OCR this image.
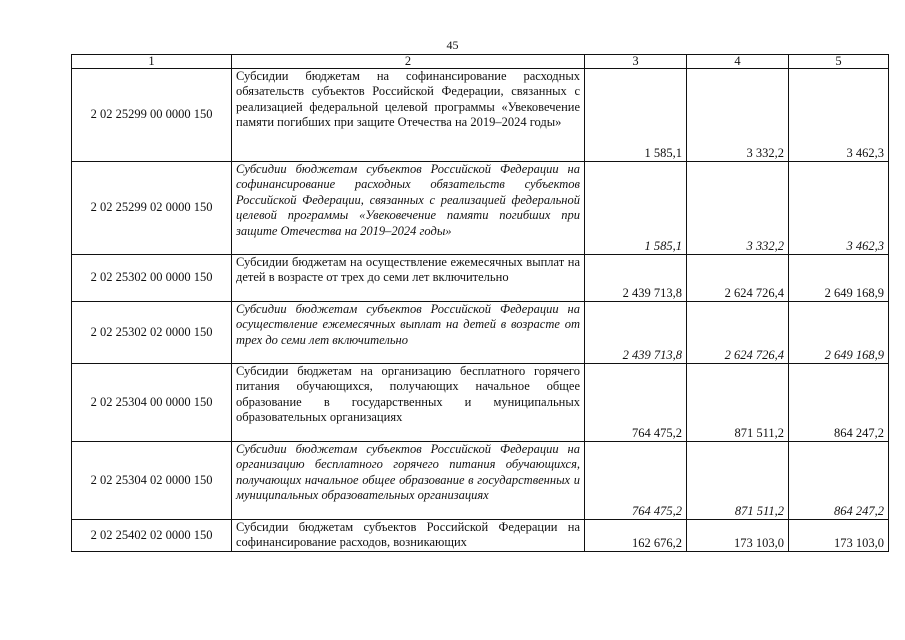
45
1	2	3	4	5
2 02 25299 00 0000 150	Субсидии бюджетам на софинансирование расходных обязательств субъектов Российской Федерации, связанных с реализацией федеральной целевой программы «Увековечение памяти погибших при защите Отечества на 2019–2024 годы»	1 585,1	3 332,2	3 462,3
2 02 25299 02 0000 150	Субсидии бюджетам субъектов Российской Федерации на софинансирование расходных обязательств субъектов Российской Федерации, связанных с реализацией федеральной целевой программы «Увековечение памяти погибших при защите Отечества на 2019–2024 годы»	1 585,1	3 332,2	3 462,3
2 02 25302 00 0000 150	Субсидии бюджетам на осуществление ежемесячных выплат на детей в возрасте от трех до семи лет включительно	2 439 713,8	2 624 726,4	2 649 168,9
2 02 25302 02 0000 150	Субсидии бюджетам субъектов Российской Федерации на осуществление ежемесячных выплат на детей в возрасте от трех до семи лет включительно	2 439 713,8	2 624 726,4	2 649 168,9
2 02 25304 00 0000 150	Субсидии бюджетам на организацию бесплатного горячего питания обучающихся, получающих начальное общее образование в государственных и муниципальных образовательных организациях	764 475,2	871 511,2	864 247,2
2 02 25304 02 0000 150	Субсидии бюджетам субъектов Российской Федерации на организацию бесплатного горячего питания обучающихся, получающих начальное общее образование в государственных и муниципальных образовательных организациях	764 475,2	871 511,2	864 247,2
2 02 25402 02 0000 150	Субсидии бюджетам субъектов Российской Федерации на софинансирование расходов, возникающих	162 676,2	173 103,0	173 103,0
